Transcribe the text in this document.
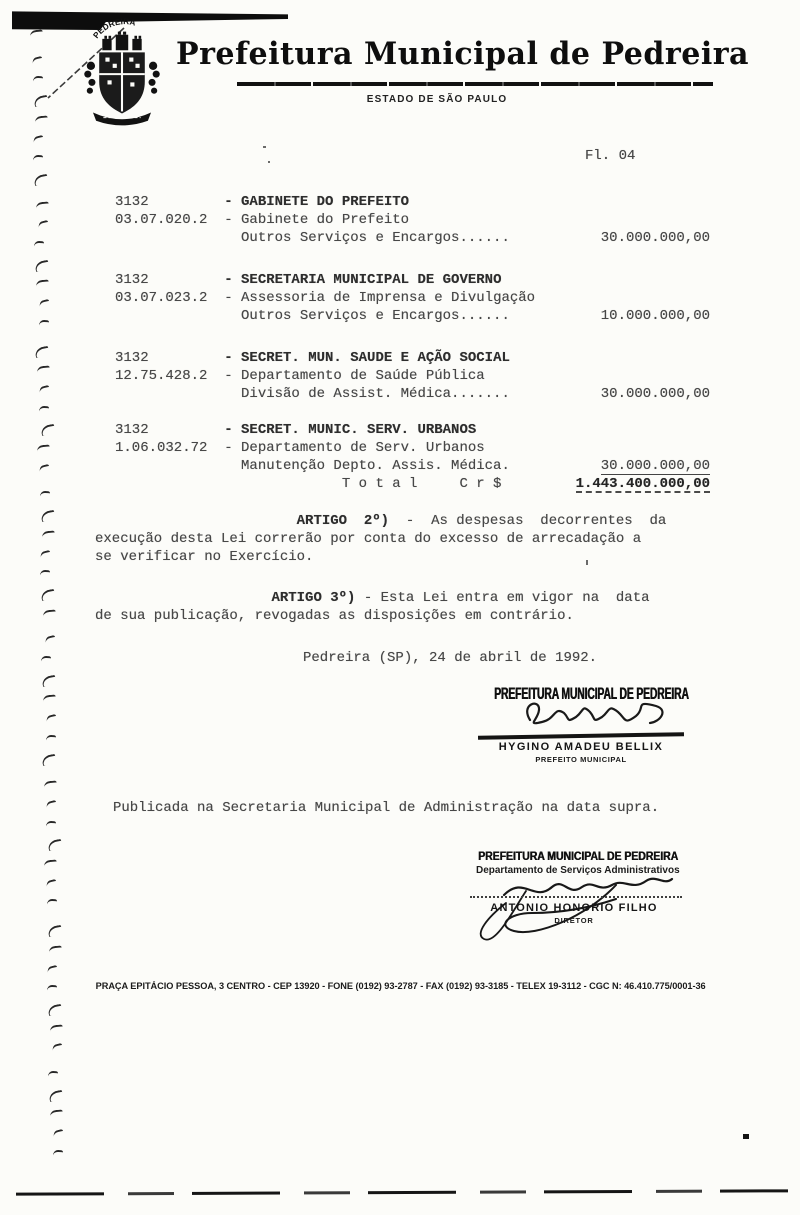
PEDREIRA
Prefeitura Municipal de Pedreira
ESTADO DE SÃO PAULO
Fl. 04
3132         - GABINETE DO PREFEITO
03.07.020.2  - Gabinete do Prefeito
Outros Serviços e Encargos......	30.000.000,00
3132         - SECRETARIA MUNICIPAL DE GOVERNO
03.07.023.2  - Assessoria de Imprensa e Divulgação
Outros Serviços e Encargos......	10.000.000,00
3132         - SECRET. MUN. SAUDE E AÇÃO SOCIAL
12.75.428.2  - Departamento de Saúde Pública
Divisão de Assist. Médica.......	30.000.000,00
3132         - SECRET. MUNIC. SERV. URBANOS
1.06.032.72  - Departamento de Serv. Urbanos
Manutenção Depto. Assis. Médica.	30.000.000,00
T o t a l     C r $	1.443.400.000,00
ARTIGO  2º)  -  As despesas  decorrentes  da
execução desta Lei correrão por conta do excesso de arrecadação a
se verificar no Exercício.
ARTIGO 3º) - Esta Lei entra em vigor na  data
de sua publicação, revogadas as disposições em contrário.
Pedreira (SP), 24 de abril de 1992.
PREFEITURA MUNICIPAL DE PEDREIRA
HYGINO AMADEU BELLIX
PREFEITO MUNICIPAL
Publicada na Secretaria Municipal de Administração na data supra.
PREFEITURA MUNICIPAL DE PEDREIRA
Departamento de Serviços Administrativos
ANTONIO HONORIO FILHO
DIRETOR
PRAÇA EPITÁCIO PESSOA, 3 CENTRO - CEP 13920 - FONE (0192) 93-2787 - FAX (0192) 93-3185 - TELEX 19-3112 - CGC N: 46.410.775/0001-36
